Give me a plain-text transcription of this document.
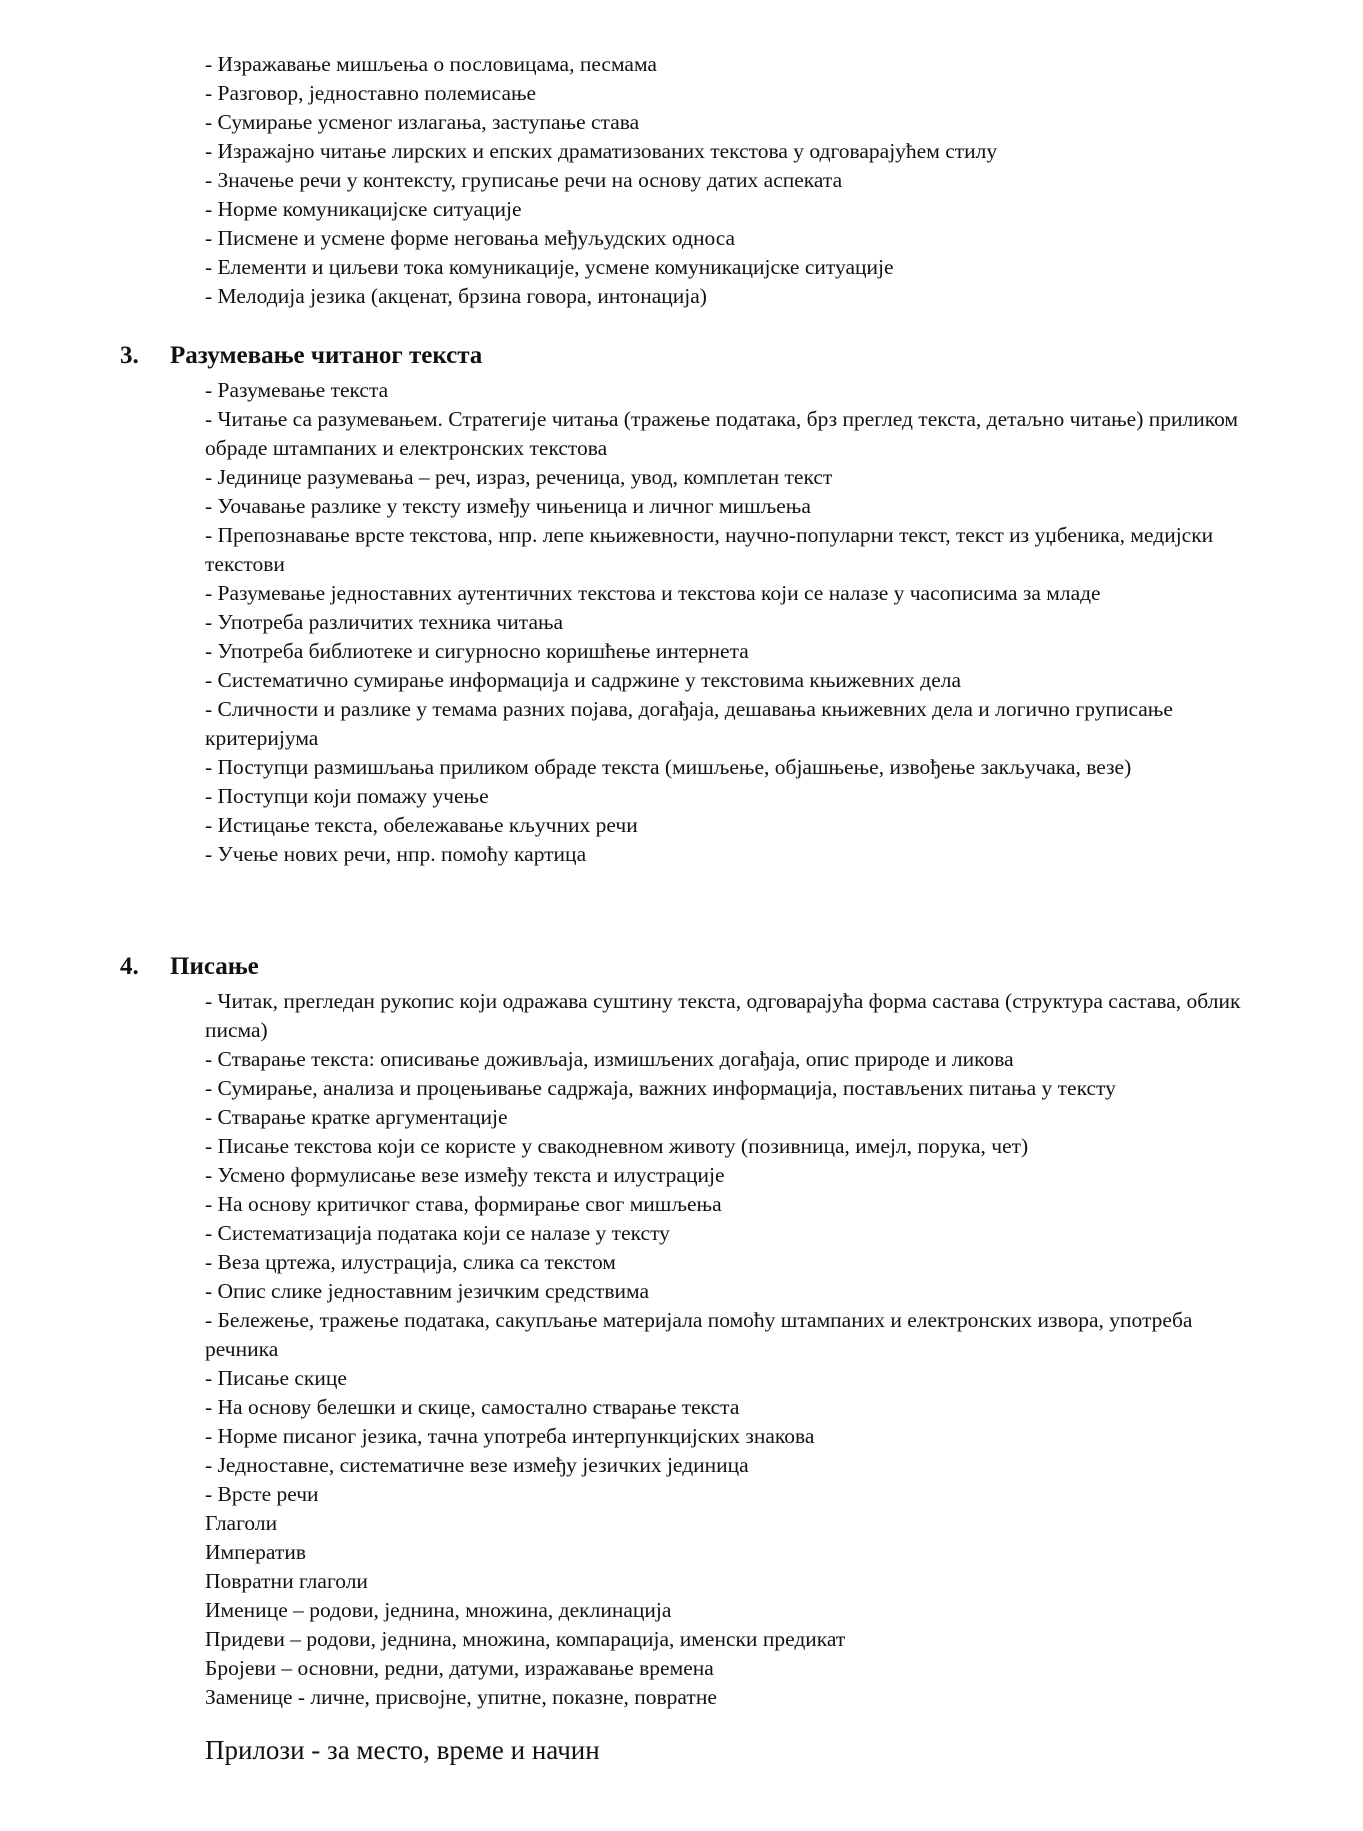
- Изражавање мишљења о пословицама, песмама
- Разговор, једноставно полемисање
- Сумирање усменог излагања, заступање става
- Изражајно читање лирских и епских драматизованих текстова у одговарајућем стилу
- Значење речи у контексту, груписање речи на основу датих аспеката
- Норме комуникацијске ситуације
- Писмене и усмене форме неговања међуљудских односа
- Елементи и циљеви тока комуникације, усмене комуникацијске ситуације
- Мелодија језика (акценат, брзина говора, интонација)
3. Разумевање читаног текста
- Разумевање текста
- Читање са разумевањем. Стратегије читања (тражење података, брз преглед текста, детаљно читање) приликом обраде штампаних и електронских текстова
- Јединице разумевања – реч, израз, реченица, увод, комплетан текст
- Уочавање разлике у тексту између чињеница и личног мишљења
- Препознавање врсте текстова, нпр. лепе књижевности, научно-популарни текст, текст из уџбеника, медијски текстови
- Разумевање једноставних аутентичних текстова и текстова који се налазе у часописима за младе
- Употреба различитих техника читања
- Употреба библиотеке и сигурносно коришћење интернета
- Систематично сумирање информација и садржине у текстовима књижевних дела
- Сличности и разлике у темама разних појава, догађаја, дешавања књижевних дела и логично груписање критеријума
- Поступци размишљања приликом обраде текста (мишљење, објашњење, извођење закључака, везе)
- Поступци који помажу учење
- Истицање текста, обележавање кључних речи
- Учење нових речи, нпр. помоћу картица
4. Писање
- Читак, прегледан рукопис који одражава суштину текста, одговарајућа форма састава (структура састава, облик писма)
- Стварање текста: описивање доживљаја, измишљених догађаја, опис природе и ликова
- Сумирање, анализа и процењивање садржаја, важних информација, постављених питања у тексту
- Стварање кратке аргументације
- Писање текстова који се користе у свакодневном животу (позивница, имејл, порука, чет)
- Усмено формулисање везе између текста и илустрације
- На основу критичког става, формирање свог мишљења
- Систематизација података који се налазе у тексту
- Веза цртежа, илустрација, слика са текстом
- Опис слике једноставним језичким средствима
- Бележење, тражење података, сакупљање материјала помоћу штампаних и електронских извора, употреба речника
- Писање скице
- На основу белешки и скице, самостално стварање текста
- Норме писаног језика, тачна употреба интерпункцијских знакова
- Једноставне, систематичне везе између језичких јединица
- Врсте речи
Глаголи
Императив
Повратни глаголи
Именице – родови, једнина, множина, деклинација
Придеви – родови, једнина, множина, компарација, именски предикат
Бројеви – основни, редни, датуми, изражавање времена
Заменице - личне, присвојне, упитне, показне, повратне

Прилози - за место, време и начин
